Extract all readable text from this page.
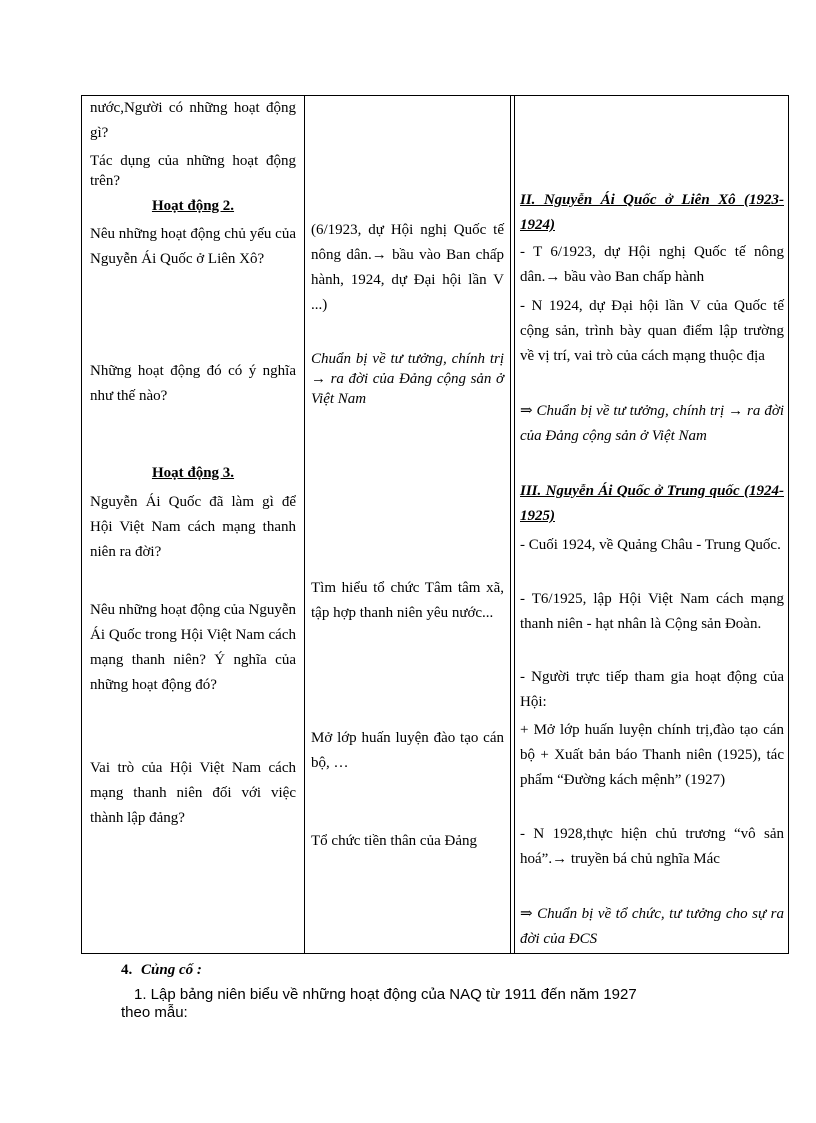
nước,Người có những hoạt động gì?
Tác dụng của những hoạt động trên?
Hoạt động 2.
Nêu những hoạt động chủ yếu của Nguyễn Ái Quốc ở Liên Xô?
Những hoạt động đó có ý nghĩa như thế nào?
Hoạt động 3.
Nguyễn Ái Quốc đã làm gì để Hội Việt Nam cách mạng thanh niên ra đời?
Nêu những hoạt động của Nguyễn Ái Quốc trong Hội Việt Nam cách mạng thanh niên? Ý nghĩa của những hoạt động đó?
Vai trò của Hội Việt Nam cách mạng thanh niên đối với việc thành lập đảng?
(6/1923, dự Hội nghị Quốc tế nông dân.→ bầu vào Ban chấp hành, 1924, dự Đại hội lần V ...)
Chuẩn bị về tư tưởng, chính trị → ra đời của Đảng cộng sản ở Việt Nam
Tìm hiểu tổ chức Tâm tâm xã, tập hợp thanh niên yêu nước...
Mở lớp huấn luyện đào tạo cán bộ, …
Tổ chức tiền thân của Đảng
II. Nguyễn Ái Quốc ở Liên Xô (1923-1924)
- T 6/1923, dự Hội nghị Quốc tế nông dân.→ bầu vào Ban chấp hành
- N 1924, dự Đại hội lần V của Quốc tế cộng sản, trình bày quan điểm lập trường về vị trí, vai trò của cách mạng thuộc địa
⇒ Chuẩn bị về tư tưởng, chính trị → ra đời của Đảng cộng sản ở Việt Nam
III. Nguyễn Ái Quốc ở Trung quốc (1924-1925)
- Cuối 1924, về Quảng Châu - Trung Quốc.
- T6/1925, lập Hội Việt Nam cách mạng thanh niên - hạt nhân là Cộng sản Đoàn.
- Người trực tiếp tham gia hoạt động của Hội:
+ Mở lớp huấn luyện chính trị,đào tạo cán bộ + Xuất bản báo Thanh niên (1925), tác phẩm “Đường kách mệnh” (1927)
- N 1928,thực hiện chủ trương “vô sản hoá”.→ truyền bá chủ nghĩa Mác
⇒ Chuẩn bị về tổ chức, tư tưởng cho sự ra đời của ĐCS
4. Củng cố :
1. Lập bảng niên biểu về những hoạt động của NAQ từ 1911 đến năm 1927
theo mẫu:
